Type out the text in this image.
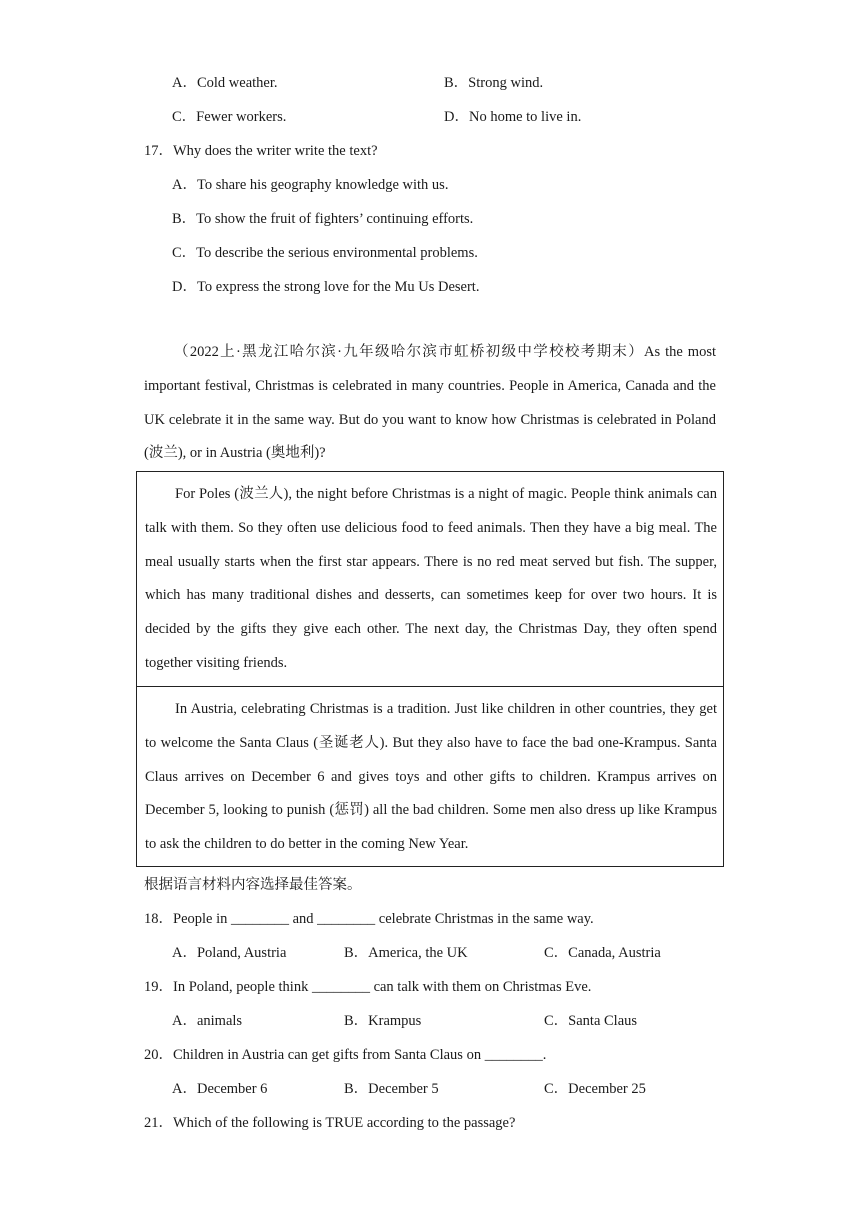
A．Cold weather.	B．Strong wind.
C．Fewer workers.	D．No home to live in.
17．Why does the writer write the text?
A．To share his geography knowledge with us.
B．To show the fruit of fighters’ continuing efforts.
C．To describe the serious environmental problems.
D．To express the strong love for the Mu Us Desert.
（2022上·黑龙江哈尔滨·九年级哈尔滨市虹桥初级中学校校考期末）As the most important festival, Christmas is celebrated in many countries. People in America, Canada and the UK celebrate it in the same way. But do you want to know how Christmas is celebrated in Poland (波兰), or in Austria (奥地利)?
For Poles (波兰人), the night before Christmas is a night of magic. People think animals can talk with them. So they often use delicious food to feed animals. Then they have a big meal. The meal usually starts when the first star appears. There is no red meat served but fish. The supper, which has many traditional dishes and desserts, can sometimes keep for over two hours. It is decided by the gifts they give each other. The next day, the Christmas Day, they often spend together visiting friends.
In Austria, celebrating Christmas is a tradition. Just like children in other countries, they get to welcome the Santa Claus (圣诞老人). But they also have to face the bad one-Krampus. Santa Claus arrives on December 6 and gives toys and other gifts to children. Krampus arrives on December 5, looking to punish (惩罚) all the bad children. Some men also dress up like Krampus to ask the children to do better in the coming New Year.
根据语言材料内容选择最佳答案。
18．People in ________ and ________ celebrate Christmas in the same way.
A．Poland, Austria	B．America, the UK	C．Canada, Austria
19．In Poland, people think ________ can talk with them on Christmas Eve.
A．animals	B．Krampus	C．Santa Claus
20．Children in Austria can get gifts from Santa Claus on ________.
A．December 6	B．December 5	C．December 25
21．Which of the following is TRUE according to the passage?
